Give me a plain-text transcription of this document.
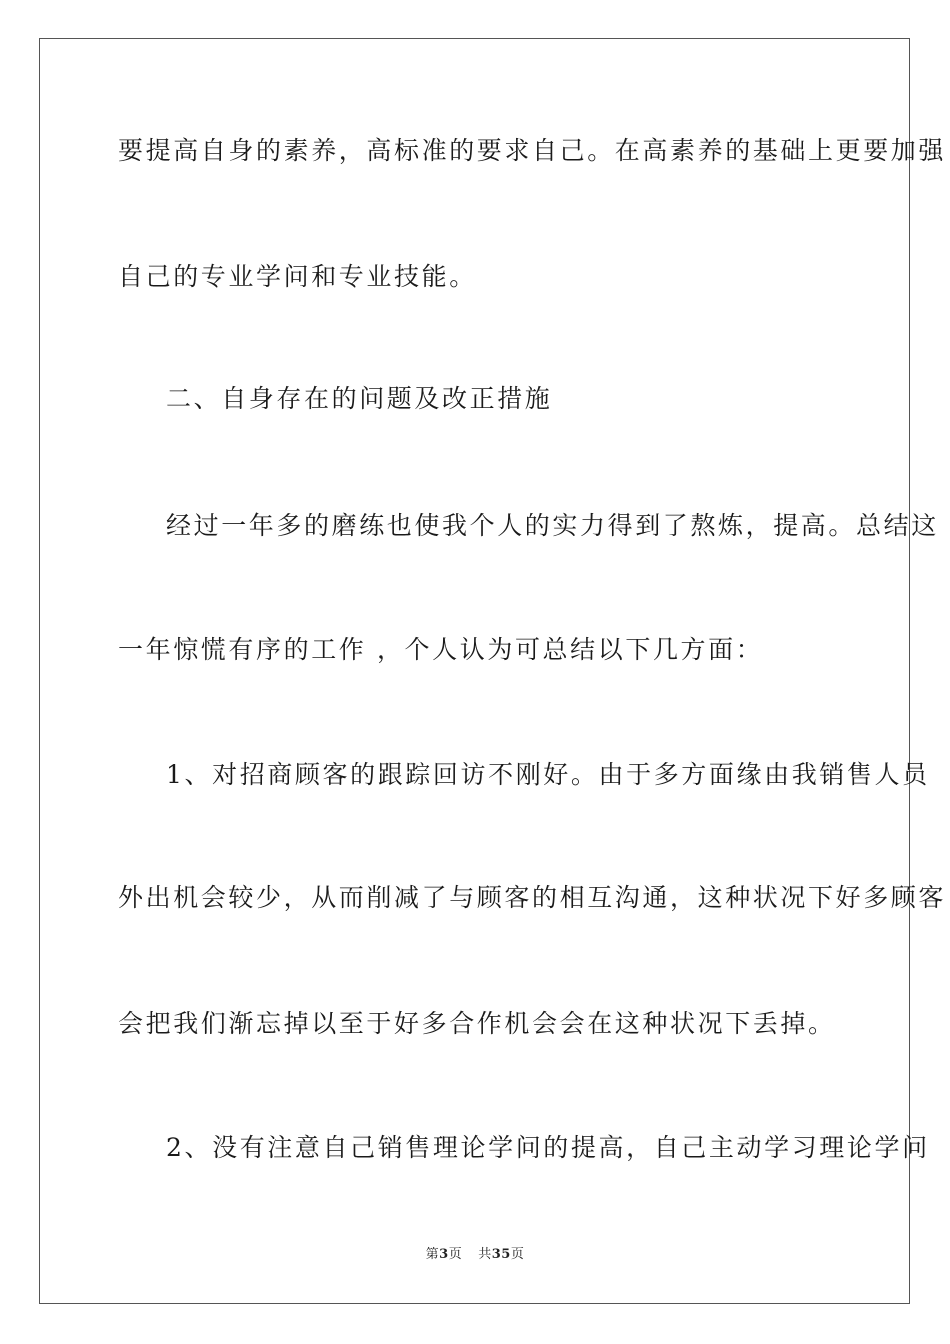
要提高自身的素养，高标准的要求自己。在高素养的基础上更要加强

自己的专业学问和专业技能。

二、自身存在的问题及改正措施

经过一年多的磨练也使我个人的实力得到了熬炼，提高。总结这

一年惊慌有序的工作 ，个人认为可总结以下几方面：

1、对招商顾客的跟踪回访不刚好。由于多方面缘由我销售人员

外出机会较少，从而削减了与顾客的相互沟通，这种状况下好多顾客

会把我们渐忘掉以至于好多合作机会会在这种状况下丢掉。

2、没有注意自己销售理论学问的提高，自己主动学习理论学问

第3页 共35页
